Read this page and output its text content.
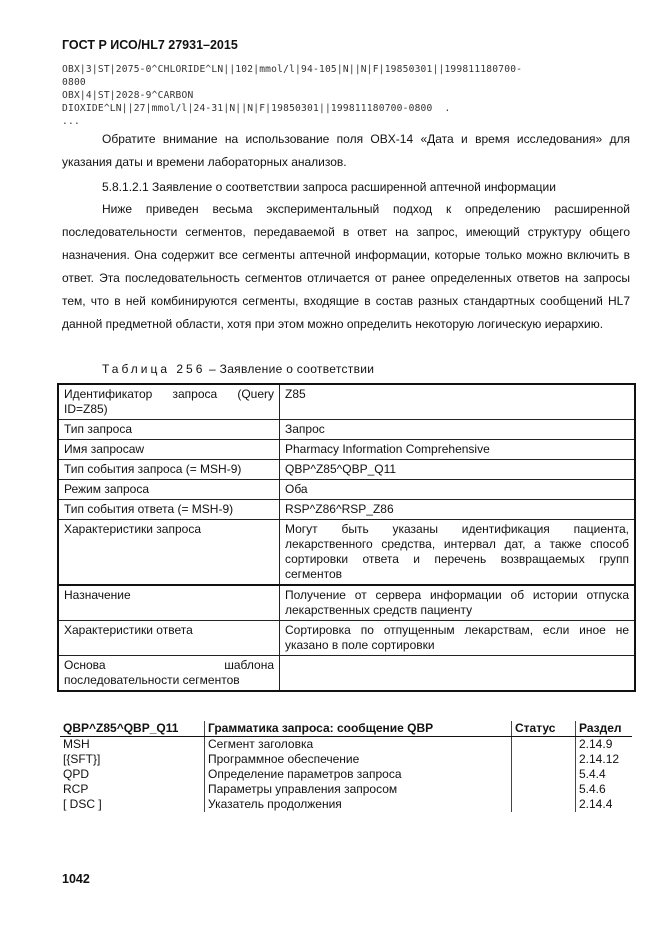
ГОСТ Р ИСО/HL7 27931–2015
OBX|3|ST|2075-0^CHLORIDE^LN||102|mmol/l|94-105|N||N|F|19850301||199811180700-
0800
OBX|4|ST|2028-9^CARBON
DIOXIDE^LN||27|mmol/l|24-31|N||N|F|19850301||199811180700-0800  .
...
Обратите внимание на использование поля OBX-14 «Дата и время исследования» для указания даты и времени лабораторных анализов.
5.8.1.2.1 Заявление о соответствии запроса расширенной аптечной информации
Ниже приведен весьма экспериментальный подход к определению расширенной последовательности сегментов, передаваемой в ответ на запрос, имеющий структуру общего назначения. Она содержит все сегменты аптечной информации, которые только можно включить в ответ. Эта последовательность сегментов отличается от ранее определенных ответов на запросы тем, что в ней комбинируются сегменты, входящие в состав разных стандартных сообщений HL7 данной предметной области, хотя при этом можно определить некоторую логическую иерархию.
Таблица 256 – Заявление о соответствии
Идентификатор запроса (Query ID=Z85)	Z85
Тип запроса	Запрос
Имя запросаw	Pharmacy Information Comprehensive
Тип события запроса (= MSH-9)	QBP^Z85^QBP_Q11
Режим запроса	Оба
Тип события ответа (= MSH-9)	RSP^Z86^RSP_Z86
Характеристики запроса	Могут быть указаны идентификация пациента, лекарственного средства, интервал дат, а также способ сортировки ответа и перечень возвращаемых групп сегментов
Назначение	Получение от сервера информации об истории отпуска лекарственных средств пациенту
Характеристики ответа	Сортировка по отпущенным лекарствам, если иное не указано в поле сортировки
Основа шаблона последовательности сегментов	
QBP^Z85^QBP_Q11	Грамматика запроса: сообщение QBP	Статус	Раздел
MSH	Сегмент заголовка		2.14.9
[{SFT}]	Программное обеспечение		2.14.12
QPD	Определение параметров запроса		5.4.4
RCP	Параметры управления запросом		5.4.6
[ DSC ]	Указатель продолжения		2.14.4
1042
